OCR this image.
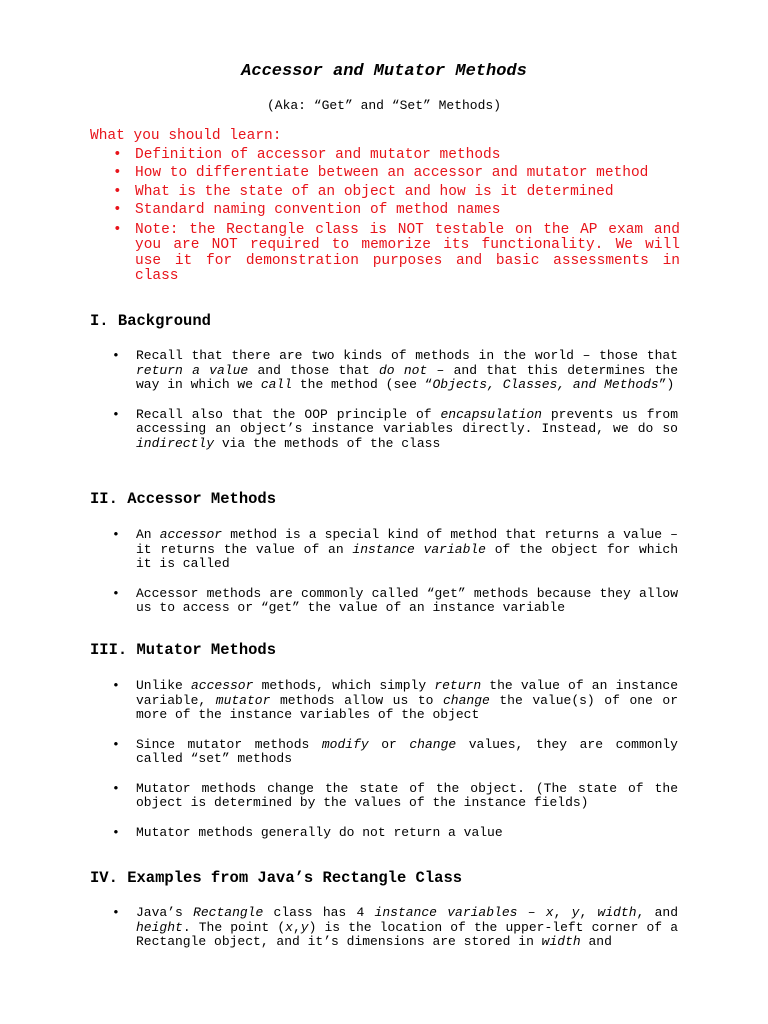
Accessor and Mutator Methods

(Aka: “Get” and “Set” Methods)

What you should learn:

• Definition of accessor and mutator methods
• How to differentiate between an accessor and mutator method
• What is the state of an object and how is it determined
• Standard naming convention of method names
• Note: the Rectangle class is NOT testable on the AP exam and you are NOT required to memorize its functionality. We will use it for demonstration purposes and basic assessments in class
I. Background
• Recall that there are two kinds of methods in the world – those that return a value and those that do not – and that this determines the way in which we call the method (see “Objects, Classes, and Methods”)
• Recall also that the OOP principle of encapsulation prevents us from accessing an object’s instance variables directly. Instead, we do so indirectly via the methods of the class
II. Accessor Methods
• An accessor method is a special kind of method that returns a value – it returns the value of an instance variable of the object for which it is called
• Accessor methods are commonly called “get” methods because they allow us to access or “get” the value of an instance variable
III. Mutator Methods
• Unlike accessor methods, which simply return the value of an instance variable, mutator methods allow us to change the value(s) of one or more of the instance variables of the object
• Since mutator methods modify or change values, they are commonly called “set” methods
• Mutator methods change the state of the object. (The state of the object is determined by the values of the instance fields)
• Mutator methods generally do not return a value
IV. Examples from Java’s Rectangle Class
• Java’s Rectangle class has 4 instance variables – x, y, width, and height. The point (x,y) is the location of the upper-left corner of a Rectangle object, and it’s dimensions are stored in width and
